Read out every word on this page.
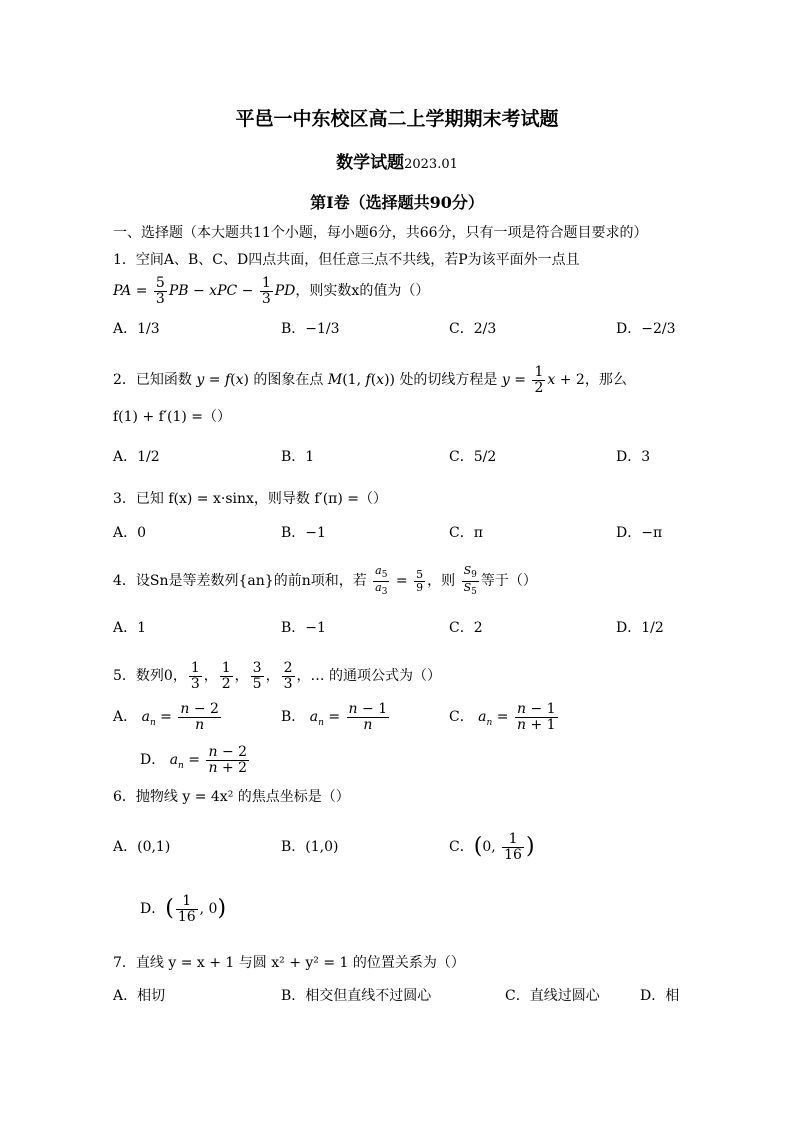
平邑一中东校区高二上学期期末考试题
数学试题2023.01
第Ⅰ卷（选择题共90分）
一、选择题（本大题共11个小题，每小题6分，共66分，只有一项是符合题目要求的）
1．空间A、B、C、D四点共面，但任意三点不共线，若P为该平面外一点且
PA = $\frac{5}{3}$ PB − xPC − $\frac{1}{3}$ PD，则实数x的值为（）
A．1/3	B．−1/3	C．2/3	D．−2/3
2．已知函数 y = f(x) 的图象在点 M(1, f(x)) 处的切线方程是 $y = \frac{1}{2}$ x + 2，那么
f(1) + f′(1) =（）
A．1/2	B．1	C．5/2	D．3
3．已知 f(x) = x·sinx，则导数 f′(π) =（）
A．0	B．−1	C．π	D．−π
4．设Sn是等差数列{an}的前n项和，若 $\frac{a_5}{a_3} = \frac{5}{9}$ ，则 $\frac{S_9}{S_5}$ 等于（）
A．1	B．−1	C．2	D．1/2
5．数列0， $\frac{1}{3}$ ， $\frac{1}{2}$ ， $\frac{3}{5}$ ， $\frac{2}{3}$ ，… 的通项公式为（）
A． $a_n = \frac{n - 2}{n}$	B． $a_n = \frac{n - 1}{n}$	C． $a_n = \frac{n - 1}{n + 1}$
D． $a_n = \frac{n - 2}{n + 2}$
6．抛物线 y = 4x² 的焦点坐标是（）
A．(0,1)	B．(1,0)	C．(0, $\frac{1}{16}$ )
D．( $\frac{1}{16}$ , 0)
7．直线 y = x + 1 与圆 x² + y² = 1 的位置关系为（）
A．相切	B．相交但直线不过圆心	C．直线过圆心	D．相
